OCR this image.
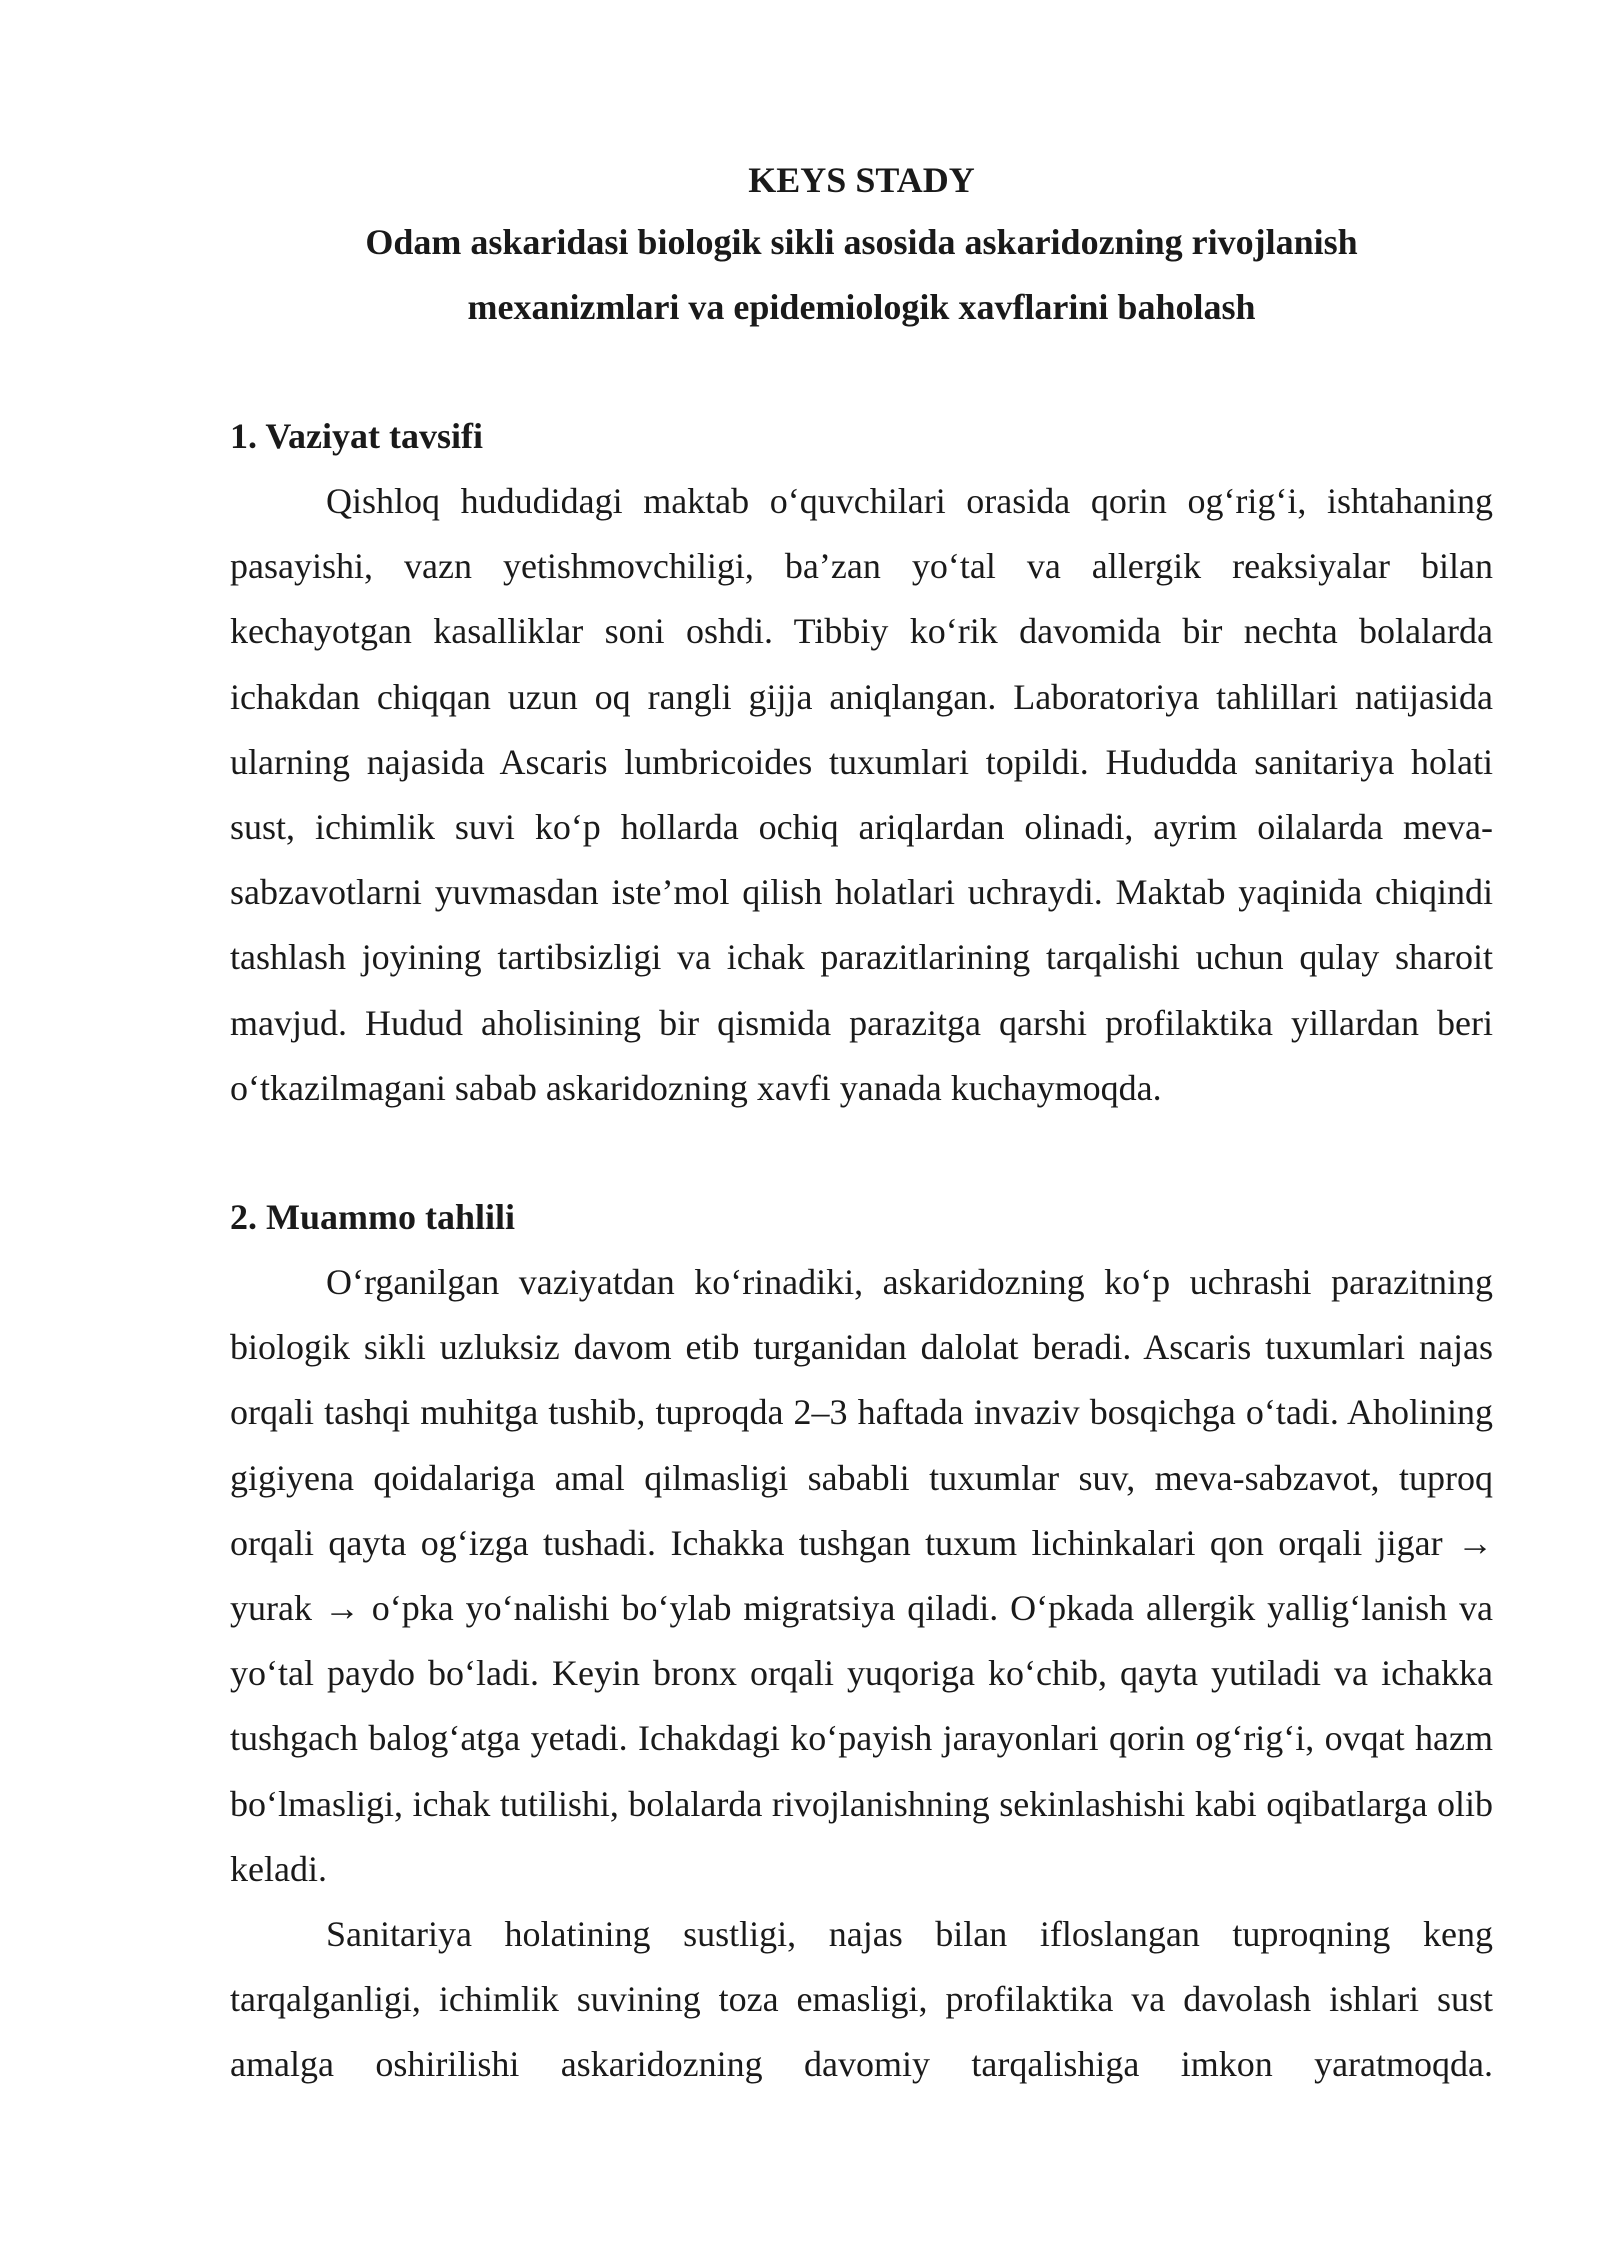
KEYS STADY

Odam askaridasi biologik sikli asosida askaridozning rivojlanish

mexanizmlari va epidemiologik xavflarini baholash

1. Vaziyat tavsifi

Qishloq hududidagi maktab o‘quvchilari orasida qorin og‘rig‘i, ishtahaning pasayishi, vazn yetishmovchiligi, ba’zan yo‘tal va allergik reaksiyalar bilan kechayotgan kasalliklar soni oshdi. Tibbiy ko‘rik davomida bir nechta bolalarda ichakdan chiqqan uzun oq rangli gijja aniqlangan. Laboratoriya tahlillari natijasida ularning najasida Ascaris lumbricoides tuxumlari topildi. Hududda sanitariya holati sust, ichimlik suvi ko‘p hollarda ochiq ariqlardan olinadi, ayrim oilalarda meva-sabzavotlarni yuvmasdan iste’mol qilish holatlari uchraydi. Maktab yaqinida chiqindi tashlash joyining tartibsizligi va ichak parazitlarining tarqalishi uchun qulay sharoit mavjud. Hudud aholisining bir qismida parazitga qarshi profilaktika yillardan beri o‘tkazilmagani sabab askaridozning xavfi yanada kuchaymoqda.

2. Muammo tahlili

O‘rganilgan vaziyatdan ko‘rinadiki, askaridozning ko‘p uchrashi parazitning biologik sikli uzluksiz davom etib turganidan dalolat beradi. Ascaris tuxumlari najas orqali tashqi muhitga tushib, tuproqda 2–3 haftada invaziv bosqichga o‘tadi. Aholining gigiyena qoidalariga amal qilmasligi sababli tuxumlar suv, meva-sabzavot, tuproq orqali qayta og‘izga tushadi. Ichakka tushgan tuxum lichinkalari qon orqali jigar → yurak → o‘pka yo‘nalishi bo‘ylab migratsiya qiladi. O‘pkada allergik yallig‘lanish va yo‘tal paydo bo‘ladi. Keyin bronx orqali yuqoriga ko‘chib, qayta yutiladi va ichakka tushgach balog‘atga yetadi. Ichakdagi ko‘payish jarayonlari qorin og‘rig‘i, ovqat hazm bo‘lmasligi, ichak tutilishi, bolalarda rivojlanishning sekinlashishi kabi oqibatlarga olib keladi.

Sanitariya holatining sustligi, najas bilan ifloslangan tuproqning keng tarqalganligi, ichimlik suvining toza emasligi, profilaktika va davolash ishlari sust amalga oshirilishi askaridozning davomiy tarqalishiga imkon yaratmoqda.
